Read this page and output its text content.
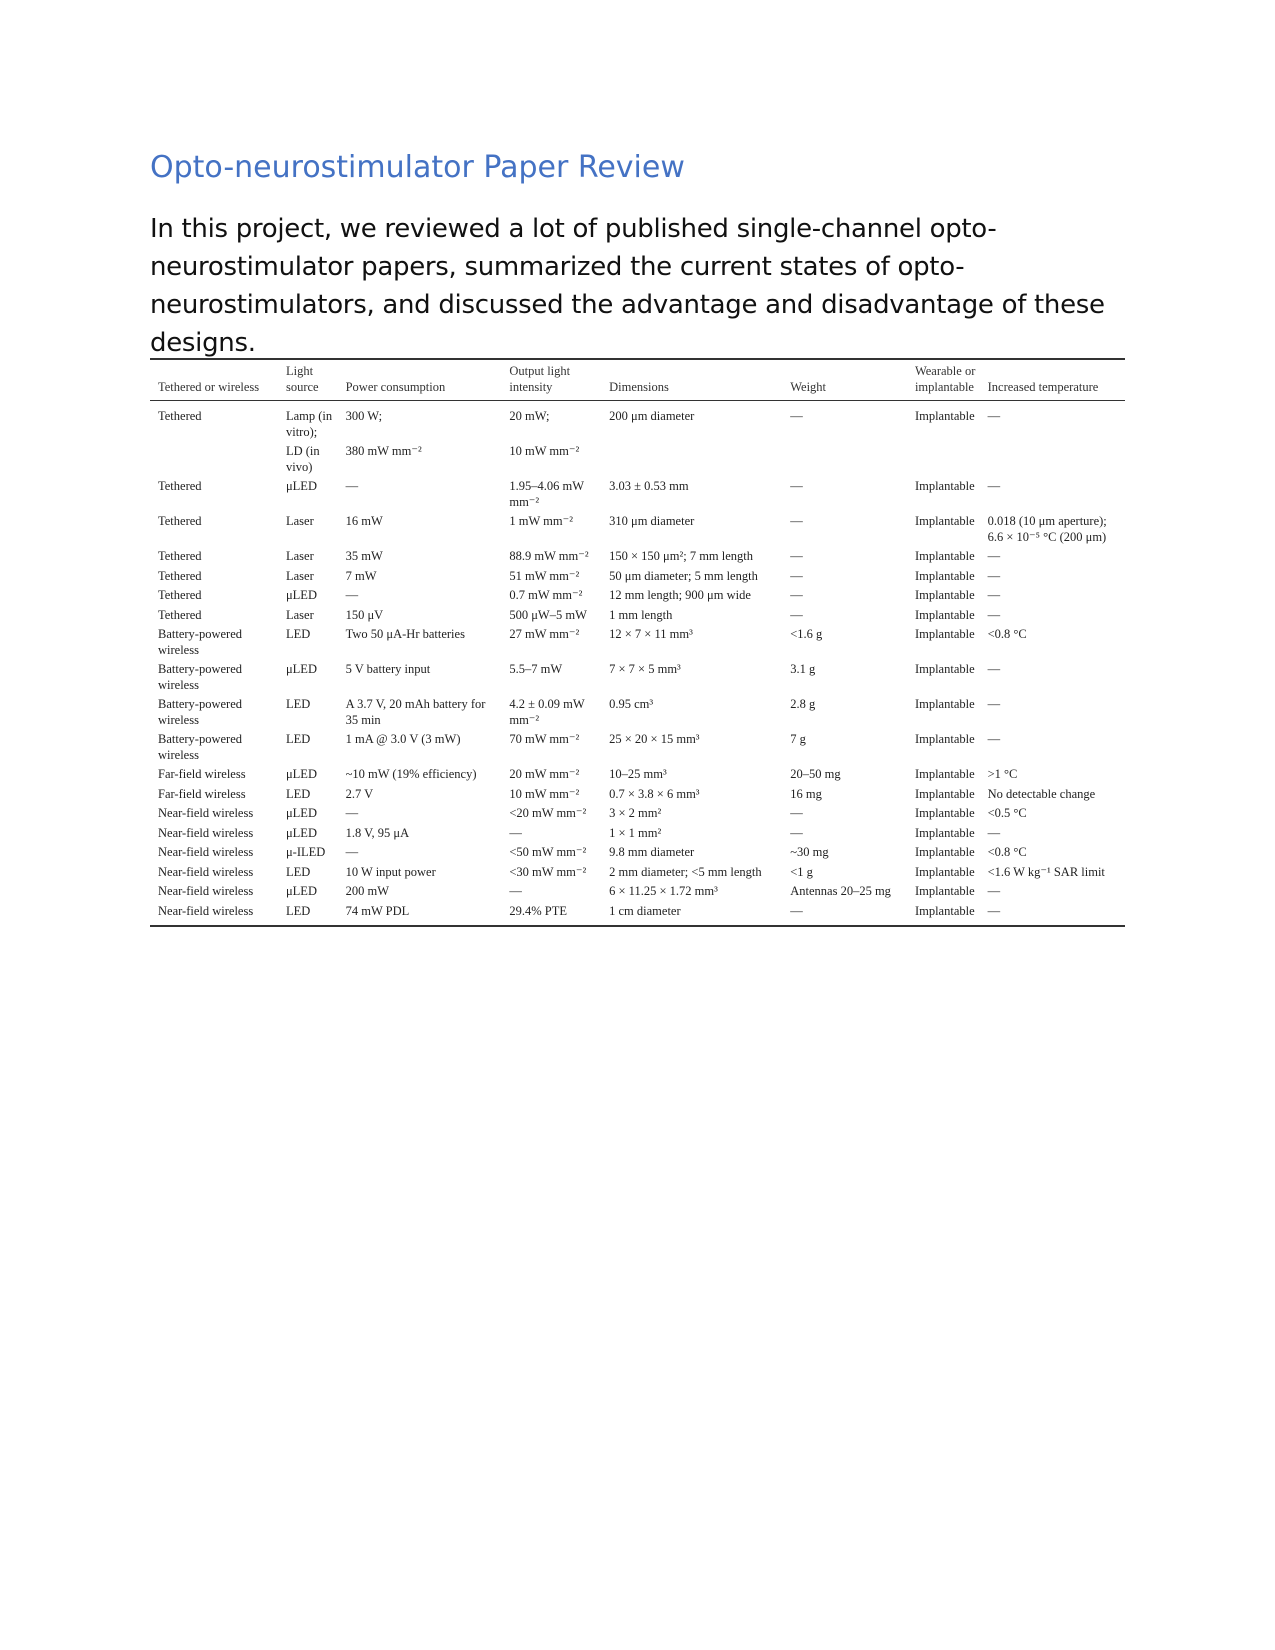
Opto-neurostimulator Paper Review

In this project, we reviewed a lot of published single-channel opto-neurostimulator papers, summarized the current states of opto-neurostimulators, and discussed the advantage and disadvantage of these designs.

Tethered or wireless	Light source	Power consumption	Output light intensity	Dimensions	Weight	Wearable or implantable	Increased temperature
Tethered	Lamp (in vitro);	300 W;	20 mW;	200 μm diameter	—	Implantable	—
	LD (in vivo)	380 mW mm⁻²	10 mW mm⁻²				
Tethered	μLED	—	1.95–4.06 mW mm⁻²	3.03 ± 0.53 mm	—	Implantable	—
Tethered	Laser	16 mW	1 mW mm⁻²	310 μm diameter	—	Implantable	0.018 (10 μm aperture); 6.6 × 10⁻⁵ °C (200 μm)
Tethered	Laser	35 mW	88.9 mW mm⁻²	150 × 150 μm²; 7 mm length	—	Implantable	—
Tethered	Laser	7 mW	51 mW mm⁻²	50 μm diameter; 5 mm length	—	Implantable	—
Tethered	μLED	—	0.7 mW mm⁻²	12 mm length; 900 μm wide	—	Implantable	—
Tethered	Laser	150 μV	500 μW–5 mW	1 mm length	—	Implantable	—
Battery-powered wireless	LED	Two 50 μA-Hr batteries	27 mW mm⁻²	12 × 7 × 11 mm³	<1.6 g	Implantable	<0.8 °C
Battery-powered wireless	μLED	5 V battery input	5.5–7 mW	7 × 7 × 5 mm³	3.1 g	Implantable	—
Battery-powered wireless	LED	A 3.7 V, 20 mAh battery for 35 min	4.2 ± 0.09 mW mm⁻²	0.95 cm³	2.8 g	Implantable	—
Battery-powered wireless	LED	1 mA @ 3.0 V (3 mW)	70 mW mm⁻²	25 × 20 × 15 mm³	7 g	Implantable	—
Far-field wireless	μLED	~10 mW (19% efficiency)	20 mW mm⁻²	10–25 mm³	20–50 mg	Implantable	>1 °C
Far-field wireless	LED	2.7 V	10 mW mm⁻²	0.7 × 3.8 × 6 mm³	16 mg	Implantable	No detectable change
Near-field wireless	μLED	—	<20 mW mm⁻²	3 × 2 mm²	—	Implantable	<0.5 °C
Near-field wireless	μLED	1.8 V, 95 μA	—	1 × 1 mm²	—	Implantable	—
Near-field wireless	μ-ILED	—	<50 mW mm⁻²	9.8 mm diameter	~30 mg	Implantable	<0.8 °C
Near-field wireless	LED	10 W input power	<30 mW mm⁻²	2 mm diameter; <5 mm length	<1 g	Implantable	<1.6 W kg⁻¹ SAR limit
Near-field wireless	μLED	200 mW	—	6 × 11.25 × 1.72 mm³	Antennas 20–25 mg	Implantable	—
Near-field wireless	LED	74 mW PDL	29.4% PTE	1 cm diameter	—	Implantable	—
